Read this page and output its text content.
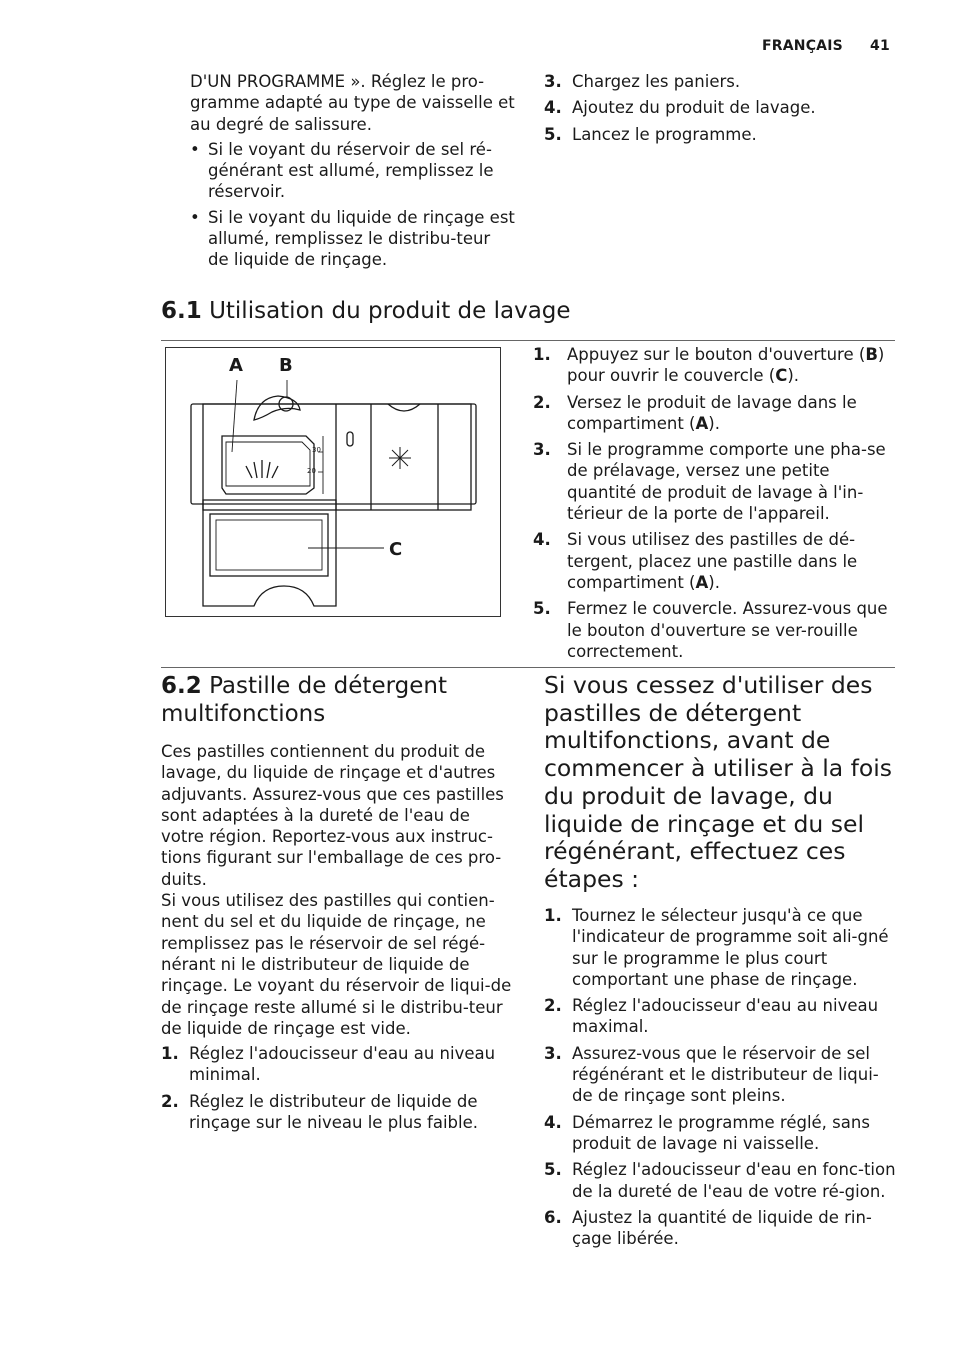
FRANÇAIS 41

D'UN PROGRAMME ». Réglez le pro-gramme adapté au type de vaisselle et au degré de salissure.

• Si le voyant du réservoir de sel ré-générant est allumé, remplissez le réservoir.
• Si le voyant du liquide de rinçage est allumé, remplissez le distribu-teur de liquide de rinçage.
3. Chargez les paniers.
4. Ajoutez du produit de lavage.
5. Lancez le programme.
6.1 Utilisation du produit de lavage
A B
C
30
20
1. Appuyez sur le bouton d'ouverture (B) pour ouvrir le couvercle (C).
2. Versez le produit de lavage dans le compartiment (A).
3. Si le programme comporte une pha-se de prélavage, versez une petite quantité de produit de lavage à l'in-térieur de la porte de l'appareil.
4. Si vous utilisez des pastilles de dé-tergent, placez une pastille dans le compartiment (A).
5. Fermez le couvercle. Assurez-vous que le bouton d'ouverture se ver-rouille correctement.
6.2 Pastille de détergent multifonctions

Ces pastilles contiennent du produit de lavage, du liquide de rinçage et d'autres adjuvants. Assurez-vous que ces pastilles sont adaptées à la dureté de l'eau de votre région. Reportez-vous aux instruc-tions figurant sur l'emballage de ces pro-duits.

Si vous utilisez des pastilles qui contien-nent du sel et du liquide de rinçage, ne remplissez pas le réservoir de sel régé-nérant ni le distributeur de liquide de rinçage. Le voyant du réservoir de liqui-de de rinçage reste allumé si le distribu-teur de liquide de rinçage est vide.

1. Réglez l'adoucisseur d'eau au niveau minimal.
2. Réglez le distributeur de liquide de rinçage sur le niveau le plus faible.
Si vous cessez d'utiliser des pastilles de détergent multifonctions, avant de commencer à utiliser à la fois du produit de lavage, du liquide de rinçage et du sel régénérant, effectuez ces étapes :
1. Tournez le sélecteur jusqu'à ce que l'indicateur de programme soit ali-gné sur le programme le plus court comportant une phase de rinçage.
2. Réglez l'adoucisseur d'eau au niveau maximal.
3. Assurez-vous que le réservoir de sel régénérant et le distributeur de liqui-de de rinçage sont pleins.
4. Démarrez le programme réglé, sans produit de lavage ni vaisselle.
5. Réglez l'adoucisseur d'eau en fonc-tion de la dureté de l'eau de votre ré-gion.
6. Ajustez la quantité de liquide de rin-çage libérée.
